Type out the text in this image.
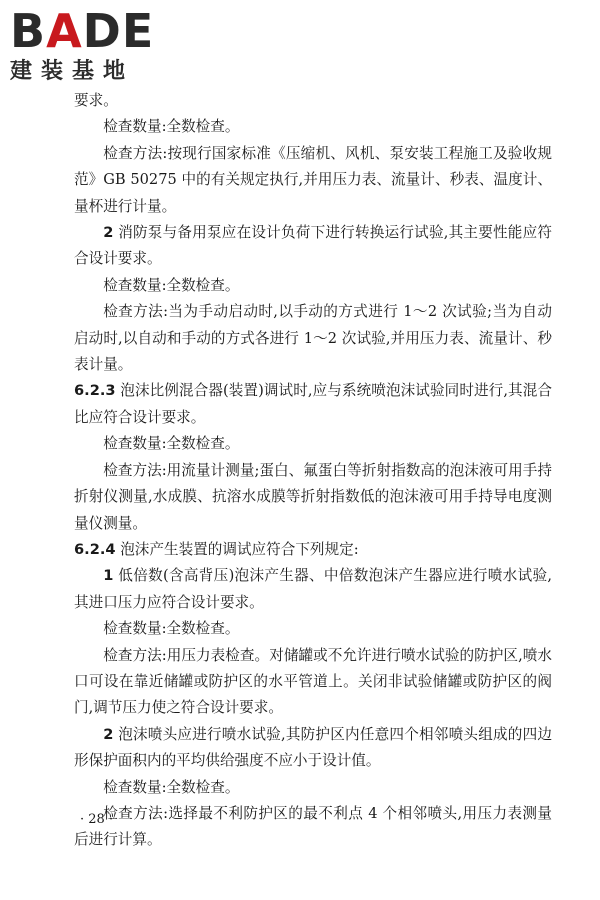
BADE
建装基地

要求。

检查数量:全数检查。

检查方法:按现行国家标准《压缩机、风机、泵安装工程施工及验收规范》GB 50275 中的有关规定执行,并用压力表、流量计、秒表、温度计、量杯进行计量。

2 消防泵与备用泵应在设计负荷下进行转换运行试验,其主要性能应符合设计要求。

检查数量:全数检查。

检查方法:当为手动启动时,以手动的方式进行 1～2 次试验;当为自动启动时,以自动和手动的方式各进行 1～2 次试验,并用压力表、流量计、秒表计量。

6.2.3 泡沫比例混合器(装置)调试时,应与系统喷泡沫试验同时进行,其混合比应符合设计要求。

检查数量:全数检查。

检查方法:用流量计测量;蛋白、氟蛋白等折射指数高的泡沫液可用手持折射仪测量,水成膜、抗溶水成膜等折射指数低的泡沫液可用手持导电度测量仪测量。

6.2.4 泡沫产生装置的调试应符合下列规定:

1 低倍数(含高背压)泡沫产生器、中倍数泡沫产生器应进行喷水试验,其进口压力应符合设计要求。

检查数量:全数检查。

检查方法:用压力表检查。对储罐或不允许进行喷水试验的防护区,喷水口可设在靠近储罐或防护区的水平管道上。关闭非试验储罐或防护区的阀门,调节压力使之符合设计要求。

2 泡沫喷头应进行喷水试验,其防护区内任意四个相邻喷头组成的四边形保护面积内的平均供给强度不应小于设计值。

检查数量:全数检查。

检查方法:选择最不利防护区的最不利点 4 个相邻喷头,用压力表测量后进行计算。

· 28 ·
